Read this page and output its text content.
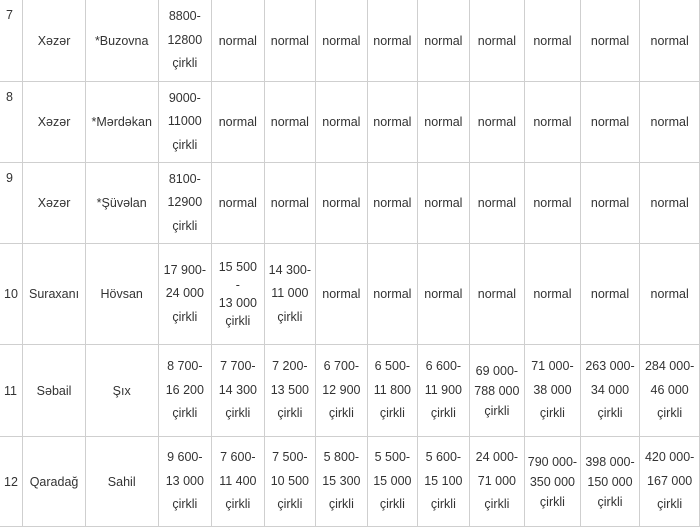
7	Xəzər	*Buzovna	8800-
12800
çirkli	normal	normal	normal	normal	normal	normal	normal	normal	normal
8	Xəzər	*Mərdəkan	9000-
11000
çirkli	normal	normal	normal	normal	normal	normal	normal	normal	normal
9	Xəzər	*Şüvəlan	8100-
12900
çirkli	normal	normal	normal	normal	normal	normal	normal	normal	normal
10	Suraxanı	Hövsan	17 900-
24 000
çirkli	15 500
-
13 000
çirkli	14 300-
11 000
çirkli	normal	normal	normal	normal	normal	normal	normal
11	Səbail	Şıx	8 700-
16 200
çirkli	7 700-
14 300
çirkli	7 200-
13 500
çirkli	6 700-
12 900
çirkli	6 500-
11 800
çirkli	6 600-
11 900
çirkli	69 000-
788 000
çirkli	71 000-
38 000
çirkli	263 000-
34 000
çirkli	284 000-
46 000
çirkli

12	Qaradağ	Sahil	9 600-
13 000
çirkli	7 600-
11 400
çirkli	7 500-
10 500
çirkli	5 800-
15 300
çirkli	5 500-
15 000
çirkli	5 600-
15 100
çirkli	24 000-
71 000
çirkli	790 000-
350 000
çirkli	398 000-
150 000
çirkli	420 000-
167 000
çirkli
